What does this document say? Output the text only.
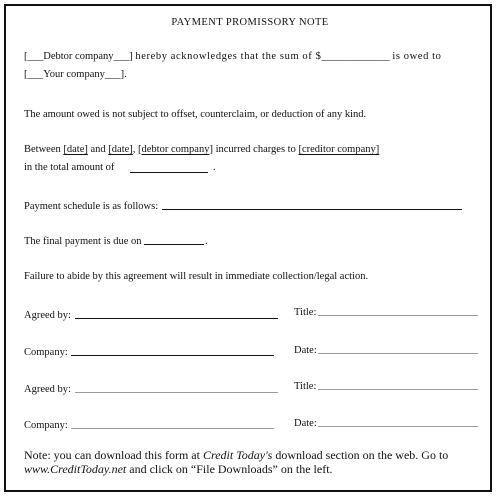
PAYMENT PROMISSORY NOTE
[___Debtor company___] hereby acknowledges that the sum of $_____________ is owed to
[___Your company___].
The amount owed is not subject to offset, counterclaim, or deduction of any kind.
Between [date] and [date], [debtor company] incurred charges to [creditor company]
in the total amount of	.
Payment schedule is as follows:
The final payment is due on	.
Failure to abide by this agreement will result in immediate collection/legal action.
Agreed by:	Title:
Company:	Date:
Agreed by:	Title:
Company:	Date:
Note: you can download this form at Credit Today's download section on the web. Go to www.CreditToday.net and click on “File Downloads” on the left.
